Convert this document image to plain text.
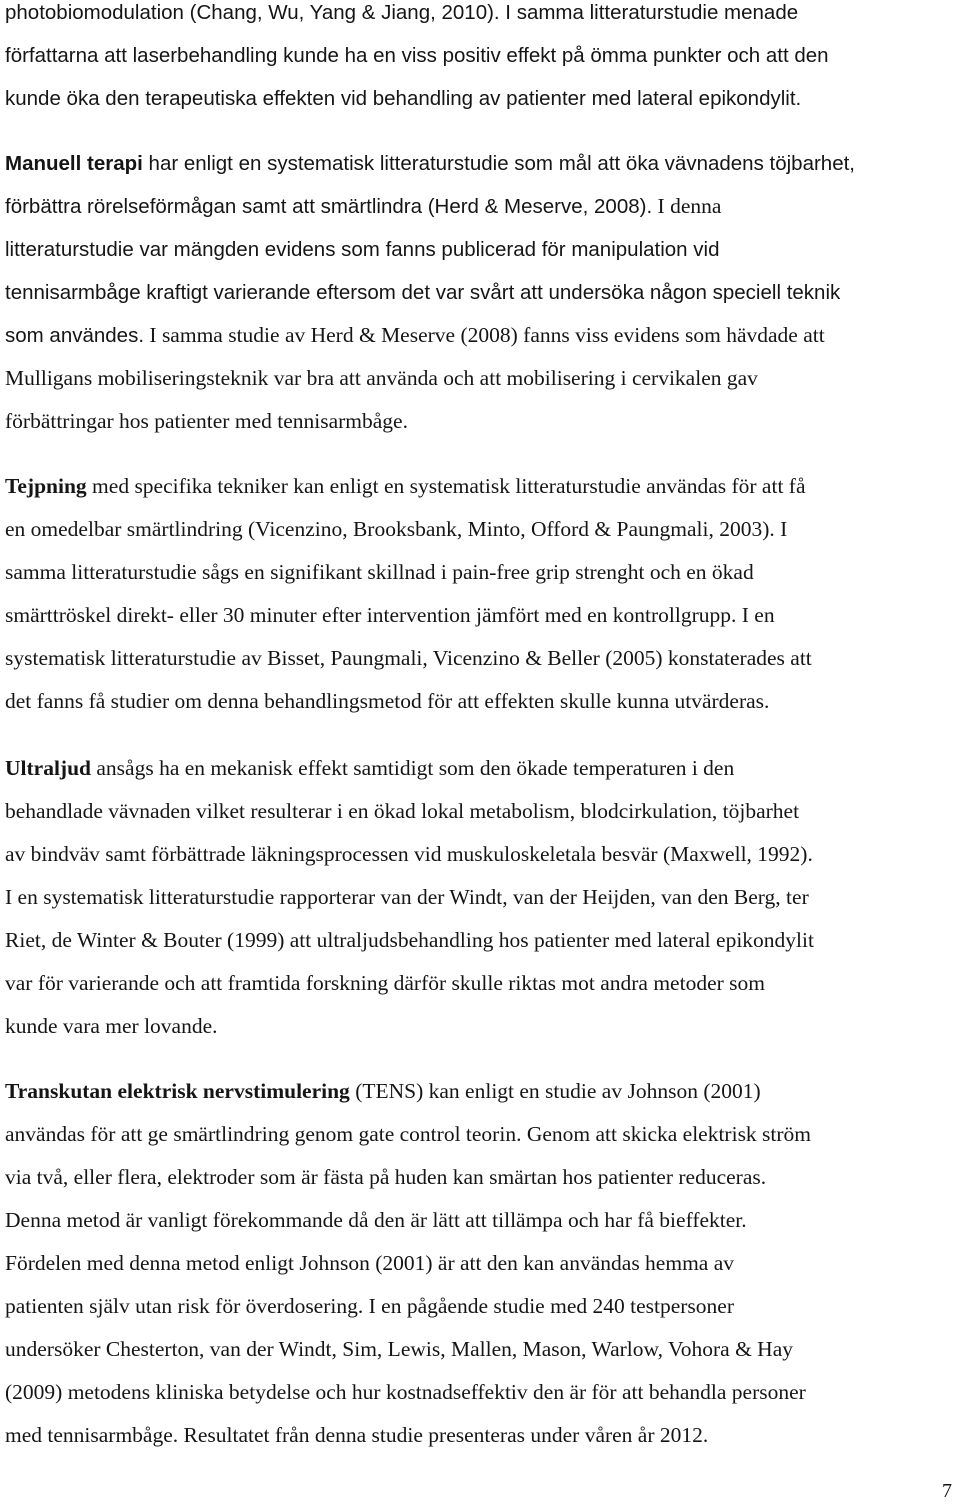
photobiomodulation (Chang, Wu, Yang & Jiang, 2010). I samma litteraturstudie menade
författarna att laserbehandling kunde ha en viss positiv effekt på ömma punkter och att den
kunde öka den terapeutiska effekten vid behandling av patienter med lateral epikondylit.
Manuell terapi har enligt en systematisk litteraturstudie som mål att öka vävnadens töjbarhet,
förbättra rörelseförmågan samt att smärtlindra (Herd & Meserve, 2008). I denna
litteraturstudie var mängden evidens som fanns publicerad för manipulation vid
tennisarmbåge kraftigt varierande eftersom det var svårt att undersöka någon speciell teknik
som användes. I samma studie av Herd & Meserve (2008) fanns viss evidens som hävdade att
Mulligans mobiliseringsteknik var bra att använda och att mobilisering i cervikalen gav
förbättringar hos patienter med tennisarmbåge.
Tejpning med specifika tekniker kan enligt en systematisk litteraturstudie användas för att få
en omedelbar smärtlindring (Vicenzino, Brooksbank, Minto, Offord & Paungmali, 2003). I
samma litteraturstudie sågs en signifikant skillnad i pain-free grip strenght och en ökad
smärttröskel direkt- eller 30 minuter efter intervention jämfört med en kontrollgrupp. I en
systematisk litteraturstudie av Bisset, Paungmali, Vicenzino & Beller (2005) konstaterades att
det fanns få studier om denna behandlingsmetod för att effekten skulle kunna utvärderas.
Ultraljud ansågs ha en mekanisk effekt samtidigt som den ökade temperaturen i den
behandlade vävnaden vilket resulterar i en ökad lokal metabolism, blodcirkulation, töjbarhet
av bindväv samt förbättrade läkningsprocessen vid muskuloskeletala besvär (Maxwell, 1992).
I en systematisk litteraturstudie rapporterar van der Windt, van der Heijden, van den Berg, ter
Riet, de Winter & Bouter (1999) att ultraljudsbehandling hos patienter med lateral epikondylit
var för varierande och att framtida forskning därför skulle riktas mot andra metoder som
kunde vara mer lovande.
Transkutan elektrisk nervstimulering (TENS) kan enligt en studie av Johnson (2001)
användas för att ge smärtlindring genom gate control teorin. Genom att skicka elektrisk ström
via två, eller flera, elektroder som är fästa på huden kan smärtan hos patienter reduceras.
Denna metod är vanligt förekommande då den är lätt att tillämpa och har få bieffekter.
Fördelen med denna metod enligt Johnson (2001) är att den kan användas hemma av
patienten själv utan risk för överdosering. I en pågående studie med 240 testpersoner
undersöker Chesterton, van der Windt, Sim, Lewis, Mallen, Mason, Warlow, Vohora & Hay
(2009) metodens kliniska betydelse och hur kostnadseffektiv den är för att behandla personer
med tennisarmbåge. Resultatet från denna studie presenteras under våren år 2012.
7
